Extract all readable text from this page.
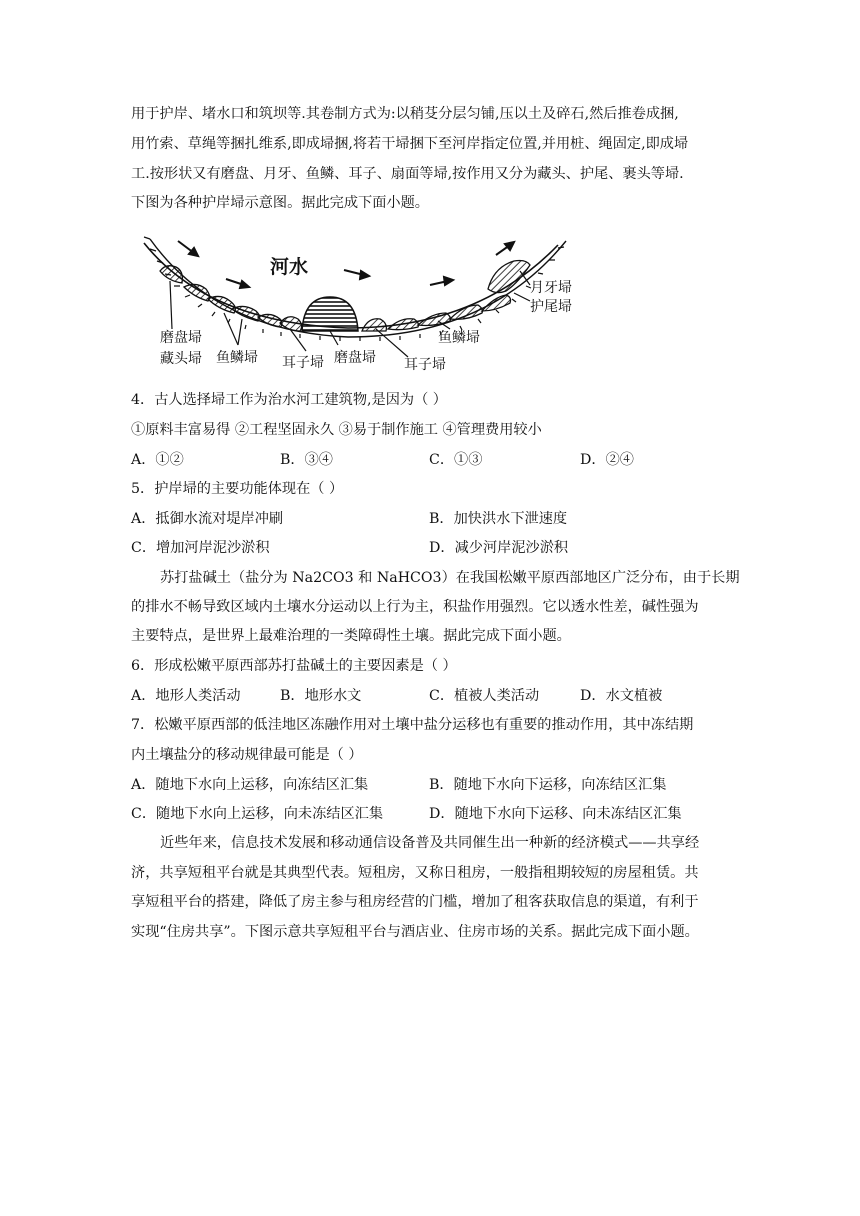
用于护岸、堵水口和筑坝等.其卷制方式为:以稍芟分层匀铺,压以土及碎石,然后推卷成捆,
用竹索、草绳等捆扎维系,即成埽捆,将若干埽捆下至河岸指定位置,并用桩、绳固定,即成埽
工.按形状又有磨盘、月牙、鱼鳞、耳子、扇面等埽,按作用又分为藏头、护尾、裹头等埽.
下图为各种护岸埽示意图。据此完成下面小题。
河水
月牙埽
护尾埽
磨盘埽	鱼鳞埽
藏头埽 鱼鳞埽	磨盘埽
耳子埽	耳子埽
4．古人选择埽工作为治水河工建筑物,是因为（ ）
①原料丰富易得 ②工程坚固永久 ③易于制作施工 ④管理费用较小
A．①②	B．③④	C．①③	D．②④
5．护岸埽的主要功能体现在（ ）
A．抵御水流对堤岸冲刷	B．加快洪水下泄速度
C．增加河岸泥沙淤积	D．减少河岸泥沙淤积
苏打盐碱土（盐分为 Na2CO3 和 NaHCO3）在我国松嫩平原西部地区广泛分布，由于长期
的排水不畅导致区域内土壤水分运动以上行为主，积盐作用强烈。它以透水性差，碱性强为
主要特点，是世界上最难治理的一类障碍性土壤。据此完成下面小题。
6．形成松嫩平原西部苏打盐碱土的主要因素是（ ）
A．地形人类活动	B．地形水文	C．植被人类活动	D．水文植被
7．松嫩平原西部的低洼地区冻融作用对土壤中盐分运移也有重要的推动作用，其中冻结期
内土壤盐分的移动规律最可能是（ ）
A．随地下水向上运移，向冻结区汇集	B．随地下水向下运移，向冻结区汇集
C．随地下水向上运移，向未冻结区汇集	D．随地下水向下运移、向未冻结区汇集
近些年来，信息技术发展和移动通信设备普及共同催生出一种新的经济模式——共享经
济，共享短租平台就是其典型代表。短租房，又称日租房，一般指租期较短的房屋租赁。共
享短租平台的搭建，降低了房主参与租房经营的门槛，增加了租客获取信息的渠道，有利于
实现“住房共享”。下图示意共享短租平台与酒店业、住房市场的关系。据此完成下面小题。
